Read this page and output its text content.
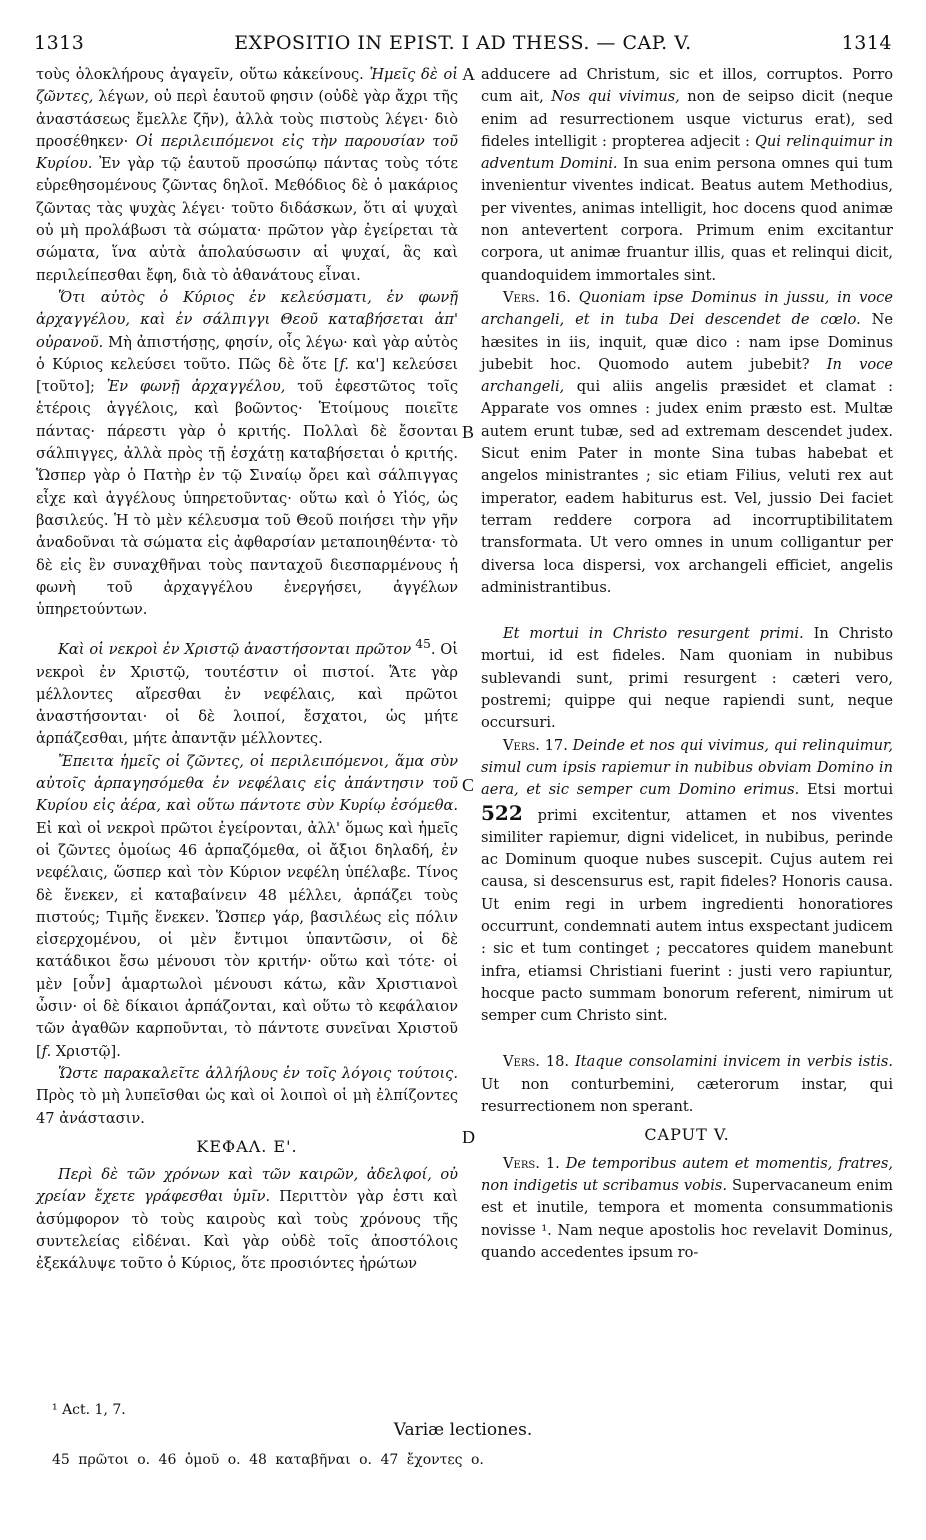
1313	EXPOSITIO IN EPIST. I AD THESS. — CAP. V.	1314

τοὺς ὁλοκλήρους ἀγαγεῖν, οὕτω κἀκείνους. Ἡμεῖς δὲ οἱ ζῶντες, λέγων, οὐ περὶ ἑαυτοῦ φησιν (οὐδὲ γὰρ ἄχρι τῆς ἀναστάσεως ἔμελλε ζῆν), ἀλλὰ τοὺς πιστοὺς λέγει· διὸ προσέθηκεν· Οἱ περιλειπόμενοι εἰς τὴν παρουσίαν τοῦ Κυρίου. Ἐν γὰρ τῷ ἑαυτοῦ προσώπῳ πάντας τοὺς τότε εὑρεθησομένους ζῶντας δηλοῖ. Μεθόδιος δὲ ὁ μακάριος ζῶντας τὰς ψυχὰς λέγει· τοῦτο διδάσκων, ὅτι αἱ ψυχαὶ οὐ μὴ προλάβωσι τὰ σώματα· πρῶτον γὰρ ἐγείρεται τὰ σώματα, ἵνα αὐτὰ ἀπολαύσωσιν αἱ ψυχαί, ἃς καὶ περιλείπεσθαι ἔφη, διὰ τὸ ἀθανάτους εἶναι.

Ὅτι αὐτὸς ὁ Κύριος ἐν κελεύσματι, ἐν φωνῇ ἀρχαγγέλου, καὶ ἐν σάλπιγγι Θεοῦ καταβήσεται ἀπ' οὐρανοῦ. Μὴ ἀπιστήσῃς, φησίν, οἷς λέγω· καὶ γὰρ αὐτὸς ὁ Κύριος κελεύσει τοῦτο. Πῶς δὲ ὅτε [f. κα'] κελεύσει [τοῦτο]; Ἐν φωνῇ ἀρχαγγέλου, τοῦ ἐφεστῶτος τοῖς ἑτέροις ἀγγέλοις, καὶ βοῶντος· Ἑτοίμους ποιεῖτε πάντας· πάρεστι γὰρ ὁ κριτής. Πολλαὶ δὲ ἔσονται σάλπιγγες, ἀλλὰ πρὸς τῇ ἐσχάτῃ καταβήσεται ὁ κριτής. Ὥσπερ γὰρ ὁ Πατὴρ ἐν τῷ Σιναίῳ ὄρει καὶ σάλπιγγας εἶχε καὶ ἀγγέλους ὑπηρετοῦντας· οὕτω καὶ ὁ Υἱός, ὡς βασιλεύς. Ἡ τὸ μὲν κέλευσμα τοῦ Θεοῦ ποιήσει τὴν γῆν ἀναδοῦναι τὰ σώματα εἰς ἀφθαρσίαν μεταποιηθέντα· τὸ δὲ εἰς ἓν συναχθῆναι τοὺς πανταχοῦ διεσπαρμένους ἡ φωνὴ τοῦ ἀρχαγγέλου ἐνεργήσει, ἀγγέλων ὑπηρετούντων.

Καὶ οἱ νεκροὶ ἐν Χριστῷ ἀναστήσονται πρῶτον $^{45}$. Οἱ νεκροὶ ἐν Χριστῷ, τουτέστιν οἱ πιστοί. Ἅτε γὰρ μέλλοντες αἴρεσθαι ἐν νεφέλαις, καὶ πρῶτοι ἀναστήσονται· οἱ δὲ λοιποί, ἔσχατοι, ὡς μήτε ἁρπάζεσθαι, μήτε ἀπαντᾷν μέλλοντες.

Ἔπειτα ἡμεῖς οἱ ζῶντες, οἱ περιλειπόμενοι, ἅμα σὺν αὐτοῖς ἁρπαγησόμεθα ἐν νεφέλαις εἰς ἀπάντησιν τοῦ Κυρίου εἰς ἀέρα, καὶ οὕτω πάντοτε σὺν Κυρίῳ ἐσόμεθα. Εἰ καὶ οἱ νεκροὶ πρῶτοι ἐγείρονται, ἀλλ' ὅμως καὶ ἡμεῖς οἱ ζῶντες ὁμοίως 46 ἁρπαζόμεθα, οἱ ἄξιοι δηλαδή, ἐν νεφέλαις, ὥσπερ καὶ τὸν Κύριον νεφέλη ὑπέλαβε. Τίνος δὲ ἕνεκεν, εἰ καταβαίνειν 48 μέλλει, ἁρπάζει τοὺς πιστούς; Τιμῆς ἕνεκεν. Ὥσπερ γάρ, βασιλέως εἰς πόλιν εἰσερχομένου, οἱ μὲν ἔντιμοι ὑπαντῶσιν, οἱ δὲ κατάδικοι ἔσω μένουσι τὸν κριτήν· οὕτω καὶ τότε· οἱ μὲν [οὖν] ἁμαρτωλοὶ μένουσι κάτω, κἂν Χριστιανοὶ ὦσιν· οἱ δὲ δίκαιοι ἁρπάζονται, καὶ οὕτω τὸ κεφάλαιον τῶν ἀγαθῶν καρποῦνται, τὸ πάντοτε συνεῖναι Χριστοῦ [f. Χριστῷ].

Ὥστε παρακαλεῖτε ἀλλήλους ἐν τοῖς λόγοις τούτοις. Πρὸς τὸ μὴ λυπεῖσθαι ὡς καὶ οἱ λοιποὶ οἱ μὴ ἐλπίζοντες 47 ἀνάστασιν.

ΚΕΦΑΛ. Ε'.

Περὶ δὲ τῶν χρόνων καὶ τῶν καιρῶν, ἀδελφοί, οὐ χρείαν ἔχετε γράφεσθαι ὑμῖν. Περιττὸν γὰρ ἐστι καὶ ἀσύμφορον τὸ τοὺς καιροὺς καὶ τοὺς χρόνους τῆς συντελείας εἰδέναι. Καὶ γὰρ οὐδὲ τοῖς ἀποστόλοις ἐξεκάλυψε τοῦτο ὁ Κύριος, ὅτε προσιόντες ἠρώτων

adducere ad Christum, sic et illos, corruptos. Porro cum ait, Nos qui vivimus, non de seipso dicit (neque enim ad resurrectionem usque victurus erat), sed fideles intelligit : propterea adjecit : Qui relinquimur in adventum Domini. In sua enim persona omnes qui tum invenientur viventes indicat. Beatus autem Methodius, per viventes, animas intelligit, hoc docens quod animæ non antevertent corpora. Primum enim excitantur corpora, ut animæ fruantur illis, quas et relinqui dicit, quandoquidem immortales sint.

Vers. 16. Quoniam ipse Dominus in jussu, in voce archangeli, et in tuba Dei descendet de cœlo. Ne hæsites in iis, inquit, quæ dico : nam ipse Dominus jubebit hoc. Quomodo autem jubebit? In voce archangeli, qui aliis angelis præsidet et clamat : Apparate vos omnes : judex enim præsto est. Multæ autem erunt tubæ, sed ad extremam descendet judex. Sicut enim Pater in monte Sina tubas habebat et angelos ministrantes ; sic etiam Filius, veluti rex aut imperator, eadem habiturus est. Vel, jussio Dei faciet terram reddere corpora ad incorruptibilitatem transformata. Ut vero omnes in unum colligantur per diversa loca dispersi, vox archangeli efficiet, angelis administrantibus.

Et mortui in Christo resurgent primi. In Christo mortui, id est fideles. Nam quoniam in nubibus sublevandi sunt, primi resurgent : cæteri vero, postremi; quippe qui neque rapiendi sunt, neque occursuri.

Vers. 17. Deinde et nos qui vivimus, qui relinquimur, simul cum ipsis rapiemur in nubibus obviam Domino in aera, et sic semper cum Domino erimus. Etsi mortui 522 primi excitentur, attamen et nos viventes similiter rapiemur, digni videlicet, in nubibus, perinde ac Dominum quoque nubes suscepit. Cujus autem rei causa, si descensurus est, rapit fideles? Honoris causa. Ut enim regi in urbem ingredienti honoratiores occurrunt, condemnati autem intus exspectant judicem : sic et tum continget ; peccatores quidem manebunt infra, etiamsi Christiani fuerint : justi vero rapiuntur, hocque pacto summam bonorum referent, nimirum ut semper cum Christo sint.

Vers. 18. Itaque consolamini invicem in verbis istis. Ut non conturbemini, cæterorum instar, qui resurrectionem non sperant.

CAPUT V.

Vers. 1. De temporibus autem et momentis, fratres, non indigetis ut scribamus vobis. Supervacaneum enim est et inutile, tempora et momenta consummationis novisse ¹. Nam neque apostolis hoc revelavit Dominus, quando accedentes ipsum ro-

A
B
C
D
¹ Act. 1, 7.
Variæ lectiones.
45 πρῶτοι ο. 46 ὁμοῦ ο. 48 καταβῆναι ο. 47 ἔχοντες ο.
